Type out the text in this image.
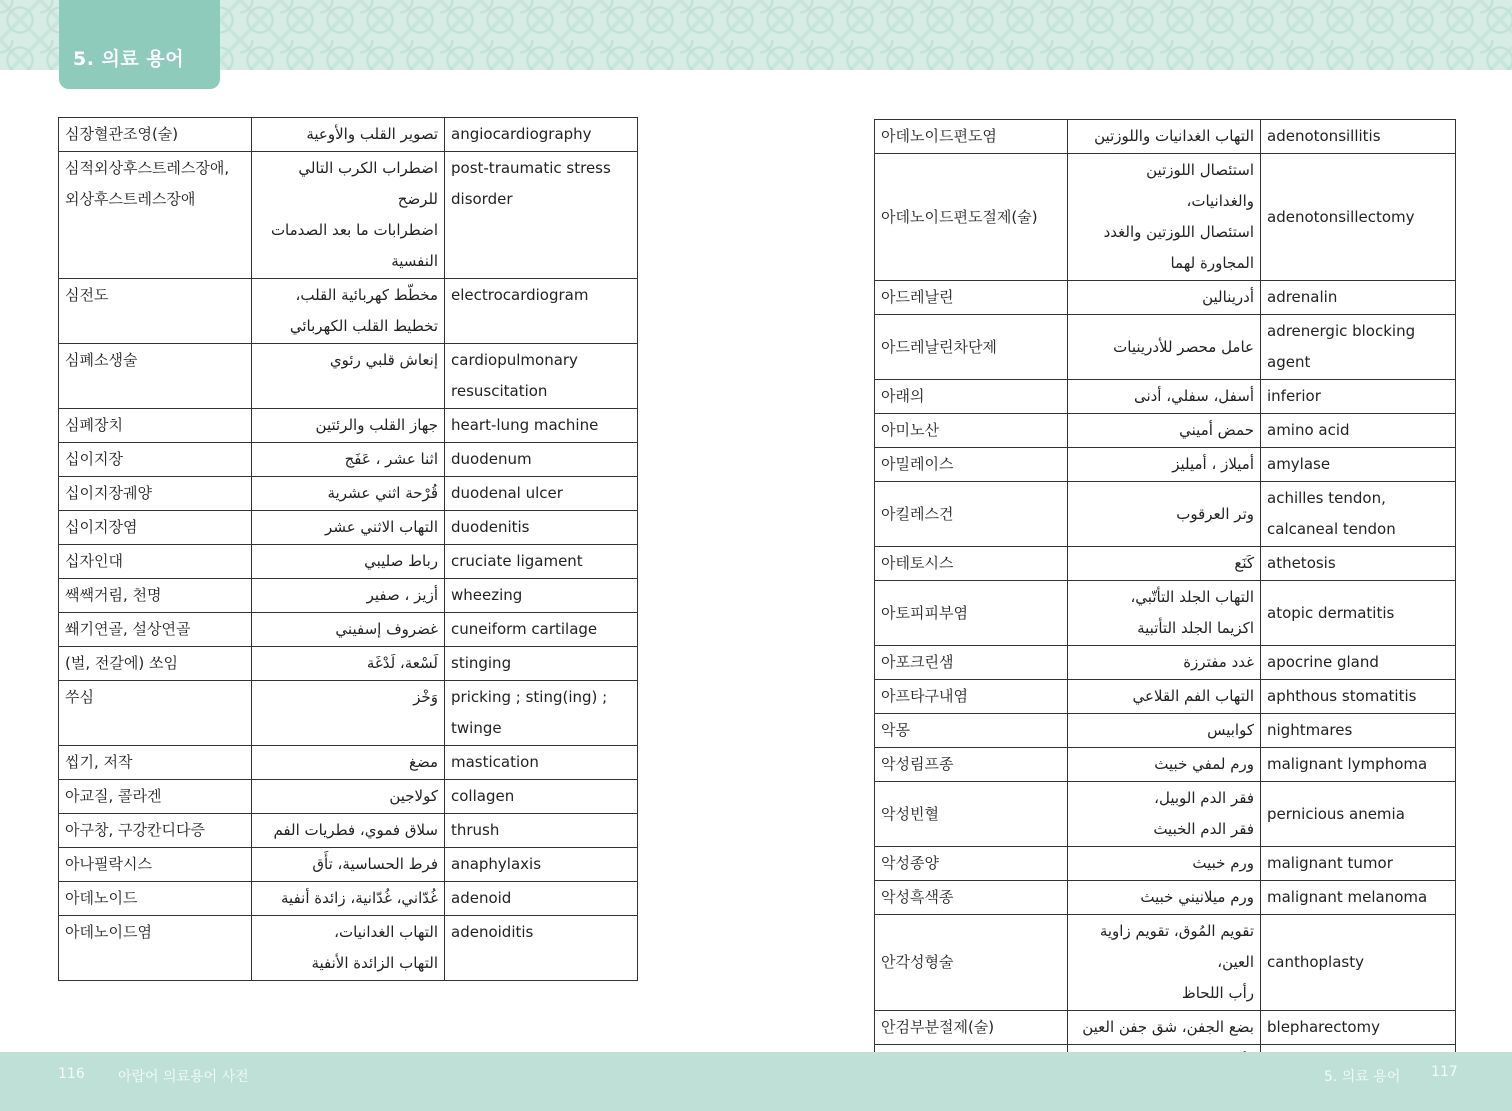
5. 의료 용어
심장혈관조영(술)	تصوير القلب والأوعية	angiocardiography

심적외상후스트레스장애,
외상후스트레스장애	اضطراب الكرب التالي للرضح
اضطرابات ما بعد الصدمات
النفسية	post-traumatic stress
disorder

심전도	مخطّط كهربائية القلب،
تخطيط القلب الكهربائي	electrocardiogram

심폐소생술	إنعاش قلبي رئوي	cardiopulmonary
resuscitation

심폐장치	جهاز القلب والرئتين	heart-lung machine

십이지장	اثنا عشر ، عَفَج	duodenum

십이지장궤양	قُرْحة اثني عشرية	duodenal ulcer

십이지장염	التهاب الاثني عشر	duodenitis

십자인대	رباط صليبي	cruciate ligament

쌕쌕거림, 천명	أزيز ، صفير	wheezing

쐐기연골, 설상연골	غضروف إسفيني	cuneiform cartilage

(벌, 전갈에) 쏘임	لَسْعة، لَدْغَة	stinging

쑤심	وَخْز	pricking ; sting(ing) ;
twinge

씹기, 저작	مضغ	mastication

아교질, 콜라겐	كولاجين	collagen

아구창, 구강칸디다증	سلاق فموي، فطريات الفم	thrush

아나필락시스	فرط الحساسية، تأَق	anaphylaxis

아데노이드	غُدّاني، غُدّانية، زائدة أنفية	adenoid

아데노이드염	التهاب الغدانيات،
التهاب الزائدة الأنفية	adenoiditis
아데노이드편도염	التهاب الغدانيات واللوزتين	adenotonsillitis

아데노이드편도절제(술)	استئصال اللوزتين والغدانيات،
استئصال اللوزتين والغدد
المجاورة لهما	adenotonsillectomy

아드레날린	أدرينالين	adrenalin

아드레날린차단제	عامل محصر للأدرينيات	adrenergic blocking
agent

아래의	أسفل، سفلي، أدنى	inferior

아미노산	حمض أميني	amino acid

아밀레이스	أميلاز ، أميليز	amylase

아킬레스건	وتر العرقوب	achilles tendon,
calcaneal tendon

아테토시스	كَنَع	athetosis

아토피피부염	التهاب الجلد التأتّبي،
اكزيما الجلد التأتبية	atopic dermatitis

아포크린샘	غدد مفترزة	apocrine gland

아프타구내염	التهاب الفم القلاعي	aphthous stomatitis

악몽	كوابيس	nightmares

악성림프종	ورم لمفي خبيث	malignant lymphoma

악성빈혈	فقر الدم الوبيل،
فقر الدم الخبيث	pernicious anemia

악성종양	ورم خبيث	malignant tumor

악성흑색종	ورم ميلانيني خبيث	malignant melanoma

안각성형술	تقويم المُوق، تقويم زاوية العين،
رأب اللحاظ	canthoplasty

안검부분절제(술)	بضع الجفن، شق جفن العين	blepharectomy

116 아랍어 의료용어 사전	5. 의료 용어 117
